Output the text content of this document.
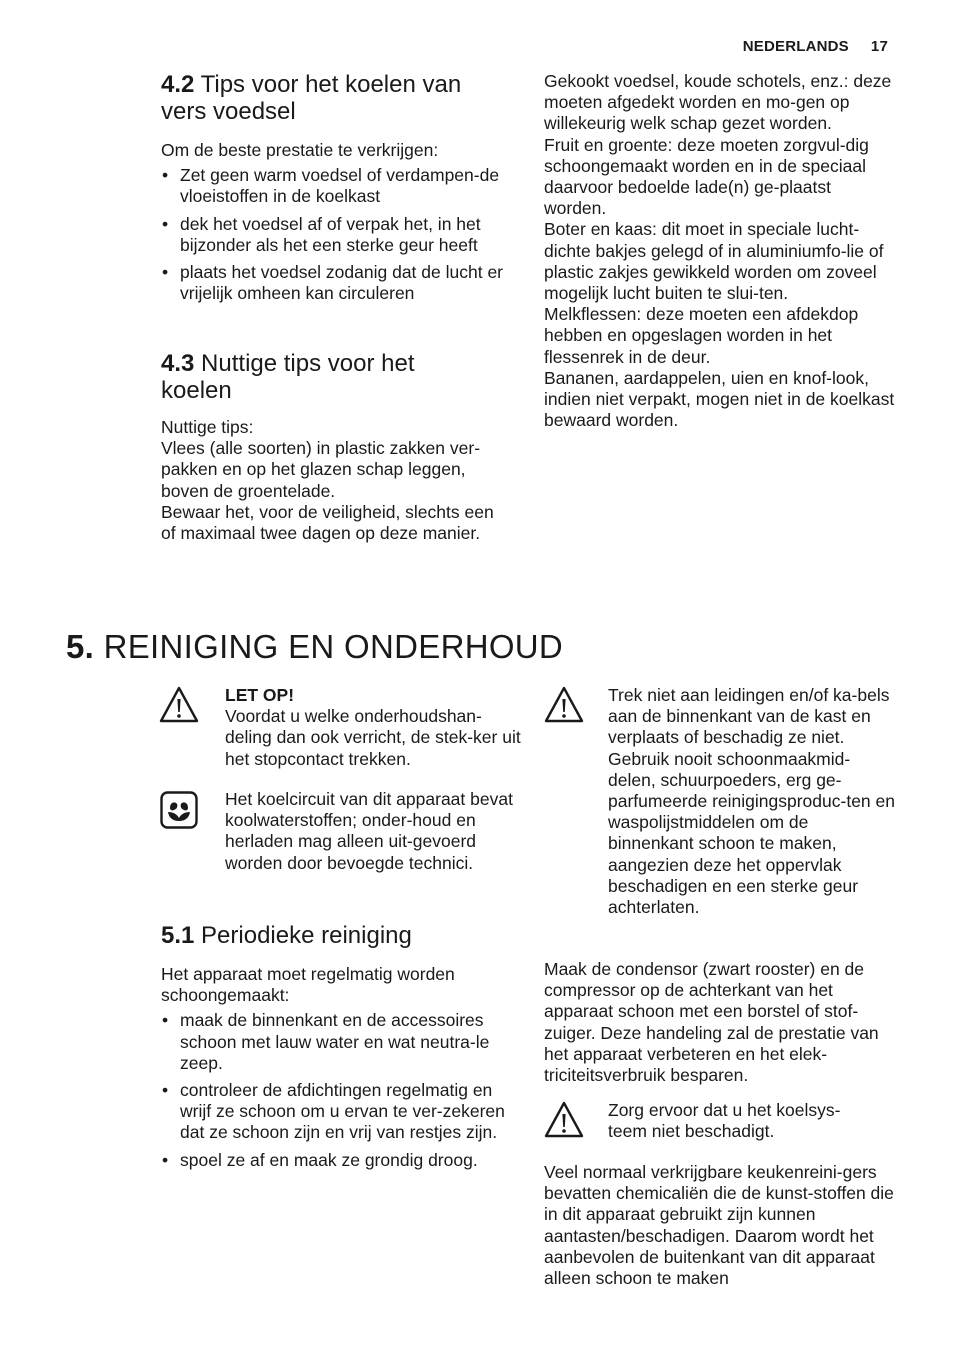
NEDERLANDS 17
4.2 Tips voor het koelen van
vers voedsel

Om de beste prestatie te verkrijgen:

• Zet geen warm voedsel of verdampen-de vloeistoffen in de koelkast
• dek het voedsel af of verpak het, in het bijzonder als het een sterke geur heeft
• plaats het voedsel zodanig dat de lucht er vrijelijk omheen kan circuleren
4.3 Nuttige tips voor het
koelen

Nuttige tips:
Vlees (alle soorten) in plastic zakken ver-pakken en op het glazen schap leggen, boven de groentelade.
Bewaar het, voor de veiligheid, slechts een of maximaal twee dagen op deze manier.

Gekookt voedsel, koude schotels, enz.: deze moeten afgedekt worden en mo-gen op willekeurig welk schap gezet worden.
Fruit en groente: deze moeten zorgvul-dig schoongemaakt worden en in de speciaal daarvoor bedoelde lade(n) ge-plaatst worden.
Boter en kaas: dit moet in speciale lucht-dichte bakjes gelegd of in aluminiumfo-lie of plastic zakjes gewikkeld worden om zoveel mogelijk lucht buiten te slui-ten.
Melkflessen: deze moeten een afdekdop hebben en opgeslagen worden in het flessenrek in de deur.
Bananen, aardappelen, uien en knof-look, indien niet verpakt, mogen niet in de koelkast bewaard worden.

5. REINIGING EN ONDERHOUD
LET OP!
Voordat u welke onderhoudshan-deling dan ook verricht, de stek-ker uit het stopcontact trekken.
Het koelcircuit van dit apparaat bevat koolwaterstoffen; onder-houd en herladen mag alleen uit-gevoerd worden door bevoegde technici.
5.1 Periodieke reiniging

Het apparaat moet regelmatig worden schoongemaakt:

• maak de binnenkant en de accessoires schoon met lauw water en wat neutra-le zeep.
• controleer de afdichtingen regelmatig en wrijf ze schoon om u ervan te ver-zekeren dat ze schoon zijn en vrij van restjes zijn.
• spoel ze af en maak ze grondig droog.
Trek niet aan leidingen en/of ka-bels aan de binnenkant van de kast en verplaats of beschadig ze niet.
Gebruik nooit schoonmaakmid-delen, schuurpoeders, erg ge-parfumeerde reinigingsproduc-ten en waspolijstmiddelen om de binnenkant schoon te maken, aangezien deze het oppervlak beschadigen en een sterke geur achterlaten.

Maak de condensor (zwart rooster) en de compressor op de achterkant van het apparaat schoon met een borstel of stof-zuiger. Deze handeling zal de prestatie van het apparaat verbeteren en het elek-triciteitsverbruik besparen.

Zorg ervoor dat u het koelsys-teem niet beschadigt.

Veel normaal verkrijgbare keukenreini-gers bevatten chemicaliën die de kunst-stoffen die in dit apparaat gebruikt zijn kunnen aantasten/beschadigen. Daarom wordt het aanbevolen de buitenkant van dit apparaat alleen schoon te maken
